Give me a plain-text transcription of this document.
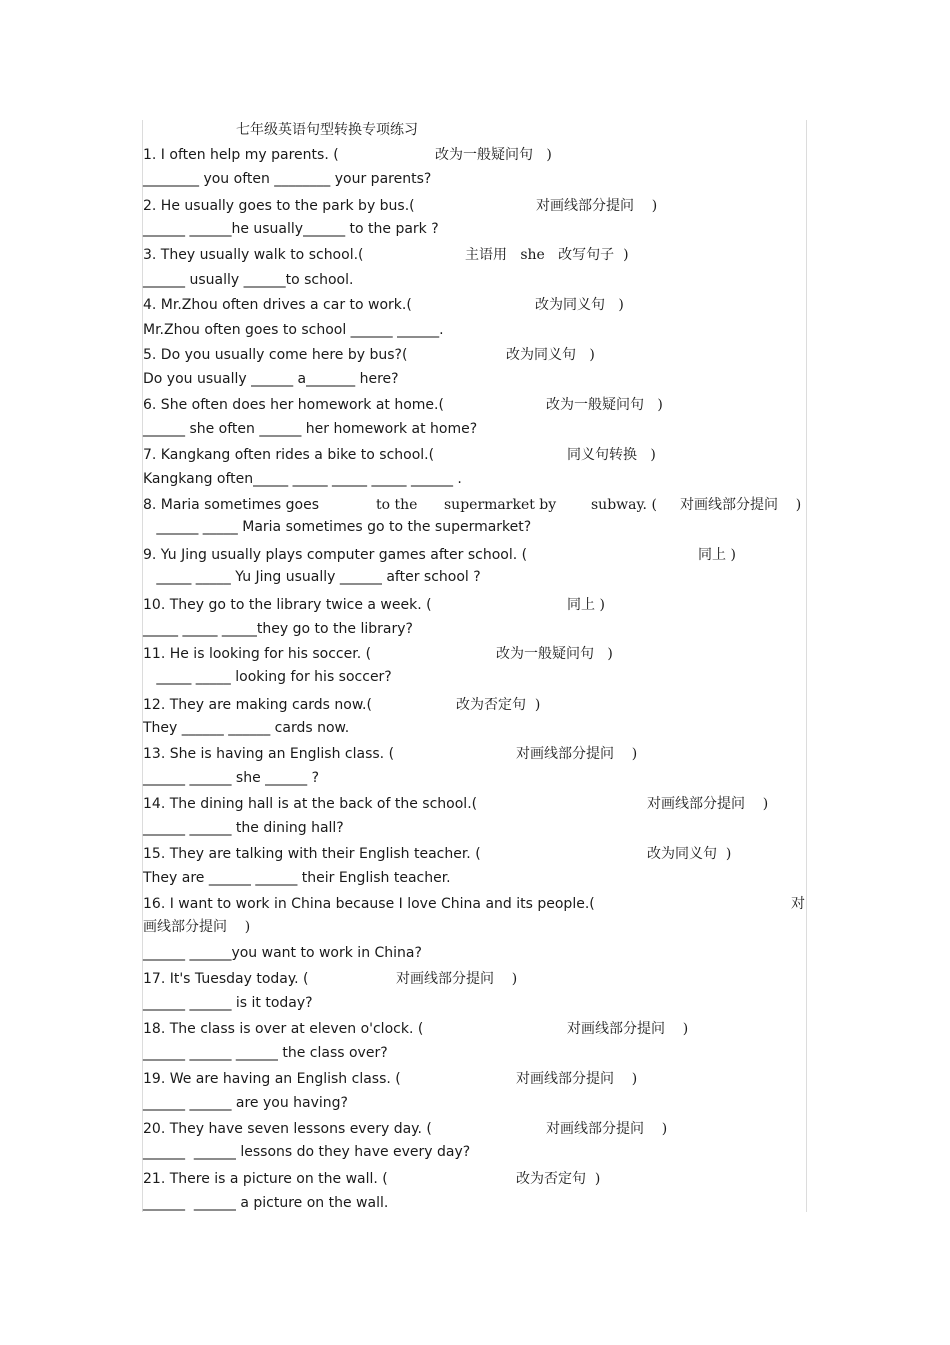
七年级英语句型转换专项练习
1. I often help my parents. (
________ you often ________ your parents?
2. He usually goes to the park by bus.(
______ ______he usually______ to the park ?
3. They usually walk to school.(
______ usually ______to school.
4. Mr.Zhou often drives a car to work.(
Mr.Zhou often goes to school ______ ______.
5. Do you usually come here by bus?(
Do you usually ______ a_______ here?
6. She often does her homework at home.(
______ she often ______ her homework at home?
7. Kangkang often rides a bike to school.(
Kangkang often_____ _____ _____ _____ ______ .
8. Maria sometimes goes
______ _____ Maria sometimes go to the supermarket?
9. Yu Jing usually plays computer games after school. (
_____ _____ Yu Jing usually ______ after school ?
10. They go to the library twice a week. (
_____ _____ _____they go to the library?
11. He is looking for his soccer. (
_____ _____ looking for his soccer?
12. They are making cards now.(
They ______ ______ cards now.
13. She is having an English class. (
______ ______ she ______ ?
14. The dining hall is at the back of the school.(
______ ______ the dining hall?
15. They are talking with their English teacher. (
They are ______ ______ their English teacher.
16. I want to work in China because I love China and its people.(
______ ______you want to work in China?
17. It's Tuesday today. (
______ ______ is it today?
18. The class is over at eleven o'clock. (
______ ______ ______ the class over?
19. We are having an English class. (
______ ______ are you having?
20. They have seven lessons every day. (
______  ______ lessons do they have every day?
21. There is a picture on the wall. (
______  ______ a picture on the wall.
改为一般疑问句   )
对画线部分提问    )
主语用   she   改写句子  )
改为同义句   )
改为同义句   )
改为一般疑问句   )
同义句转换   )
to the supermarket by subway. ( 对画线部分提问    )
同上 )
同上 )
改为一般疑问句   )
改为否定句  )
对画线部分提问    )
对画线部分提问    )
改为同义句  )
对
画线部分提问    )
对画线部分提问    )
对画线部分提问    )
对画线部分提问    )
对画线部分提问    )
改为否定句  )
